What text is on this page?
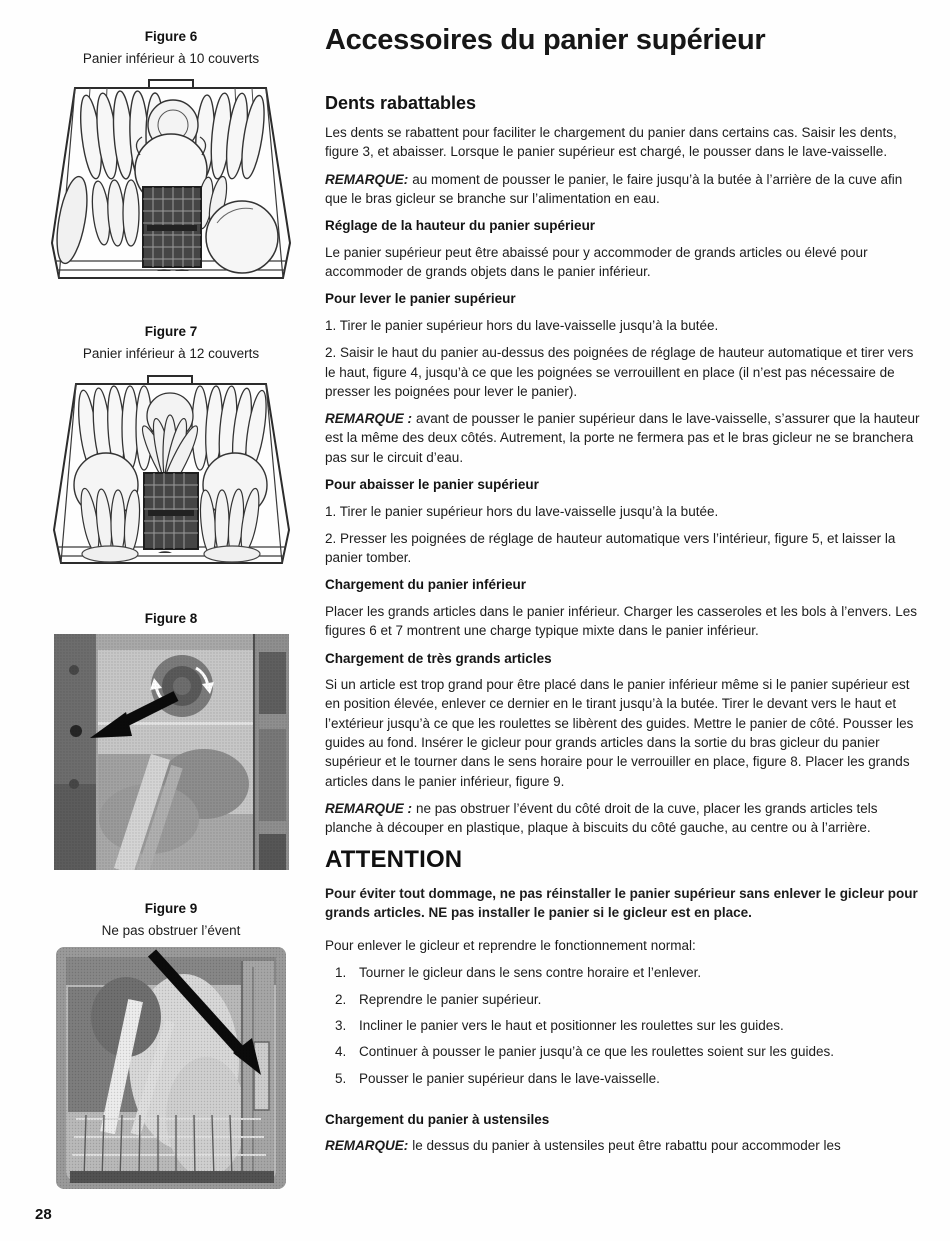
Figure 6
Panier inférieur à 10 couverts
Figure 7
Panier inférieur à 12 couverts
Figure 8
Figure 9
Ne pas obstruer l’évent
28
Accessoires du panier supérieur
Dents rabattables

Les dents se rabattent pour faciliter le chargement du panier dans certains cas. Saisir les dents, figure 3, et abaisser. Lorsque le panier supérieur est chargé, le pousser dans le lave-vaisselle.

REMARQUE: au moment de pousser le panier, le faire jusqu’à la butée à l’arrière de la cuve afin que le bras gicleur se branche sur l’alimentation en eau.

Réglage de la hauteur du panier supérieur

Le panier supérieur peut être abaissé pour y accommoder de grands articles ou élevé pour accommoder de grands objets dans le panier inférieur.

Pour lever le panier supérieur

1. Tirer le panier supérieur hors du lave-vaisselle jusqu’à la butée.

2. Saisir le haut du panier au-dessus des poignées de réglage de hauteur automatique et tirer vers le haut, figure 4, jusqu’à ce que les poignées se verrouillent en place (il n’est pas nécessaire de presser les poignées pour lever le panier).

REMARQUE : avant de pousser le panier supérieur dans le lave-vaisselle, s’assurer que la hauteur est la même des deux côtés. Autrement, la porte ne fermera pas et le bras gicleur ne se branchera pas sur le circuit d’eau.

Pour abaisser le panier supérieur

1. Tirer le panier supérieur hors du lave-vaisselle jusqu’à la butée.

2. Presser les poignées de réglage de hauteur automatique vers l’intérieur, figure 5, et laisser la panier tomber.

Chargement du panier inférieur

Placer les grands articles dans le panier inférieur. Charger les casseroles et les bols à l’envers. Les figures 6 et 7 montrent une charge typique mixte dans le panier inférieur.

Chargement de très grands articles

Si un article est trop grand pour être placé dans le panier inférieur même si le panier supérieur est en position élevée, enlever ce dernier en le tirant jusqu’à la butée. Tirer le devant vers le haut et l’extérieur jusqu’à ce que les roulettes se libèrent des guides. Mettre le panier de côté. Pousser les guides au fond. Insérer le gicleur pour grands articles dans la sortie du bras gicleur du panier supérieur et le tourner dans le sens horaire pour le verrouiller en place, figure 8. Placer les grands articles dans le panier inférieur, figure 9.

REMARQUE : ne pas obstruer l’évent du côté droit de la cuve, placer les grands articles tels planche à découper en plastique, plaque à biscuits du côté gauche, au centre ou à l’arrière.

ATTENTION

Pour éviter tout dommage, ne pas réinstaller le panier supérieur sans enlever le gicleur pour grands articles. NE pas installer le panier si le gicleur est en place.

Pour enlever le gicleur et reprendre le fonctionnement normal:

1. Tourner le gicleur dans le sens contre horaire et l’enlever.
2. Reprendre le panier supérieur.
3. Incliner le panier vers le haut et positionner les roulettes sur les guides.
4. Continuer à pousser le panier jusqu’à ce que les roulettes soient sur les guides.
5. Pousser le panier supérieur dans le lave-vaisselle.
Chargement du panier à ustensiles

REMARQUE: le dessus du panier à ustensiles peut être rabattu pour accommoder les
